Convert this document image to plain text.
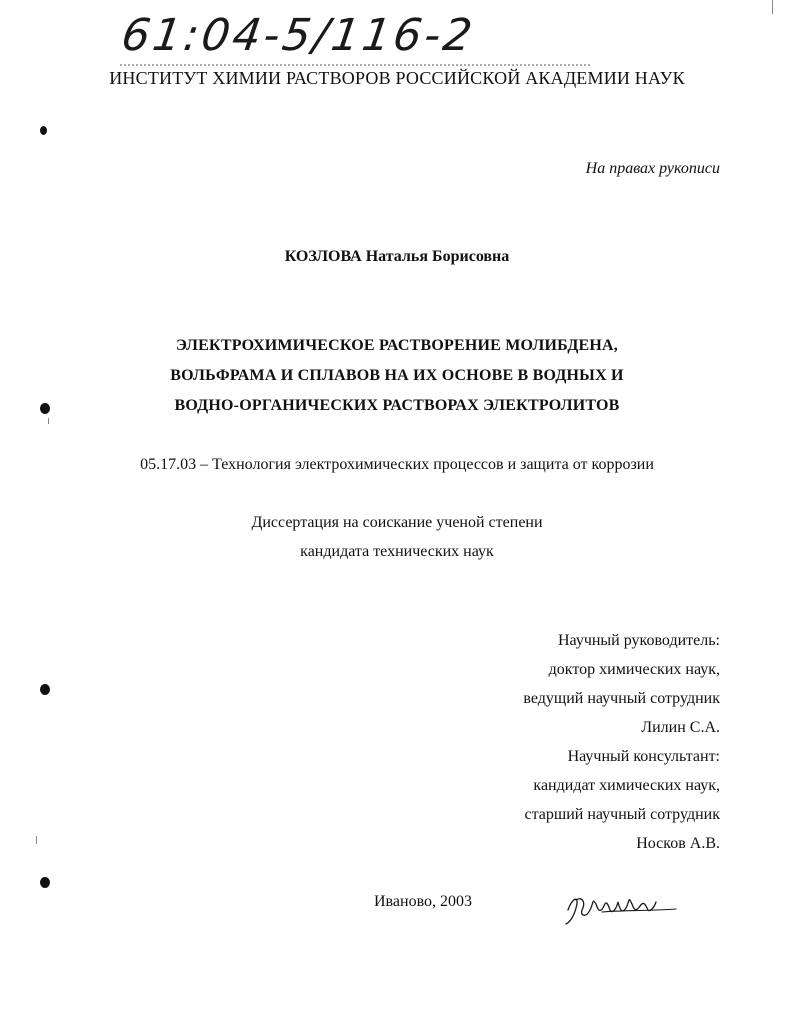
61:04-5/116-2
ИНСТИТУТ ХИМИИ РАСТВОРОВ РОССИЙСКОЙ АКАДЕМИИ НАУК
На правах рукописи
КОЗЛОВА Наталья Борисовна
ЭЛЕКТРОХИМИЧЕСКОЕ РАСТВОРЕНИЕ МОЛИБДЕНА,
ВОЛЬФРАМА И СПЛАВОВ НА ИХ ОСНОВЕ В ВОДНЫХ И
ВОДНО-ОРГАНИЧЕСКИХ РАСТВОРАХ ЭЛЕКТРОЛИТОВ
05.17.03 – Технология электрохимических процессов и защита от коррозии
Диссертация на соискание ученой степени
кандидата технических наук
Научный руководитель:
доктор химических наук,
ведущий научный сотрудник
Лилин С.А.
Научный консультант:
кандидат химических наук,
старший научный сотрудник
Носков А.В.
Иваново, 2003
